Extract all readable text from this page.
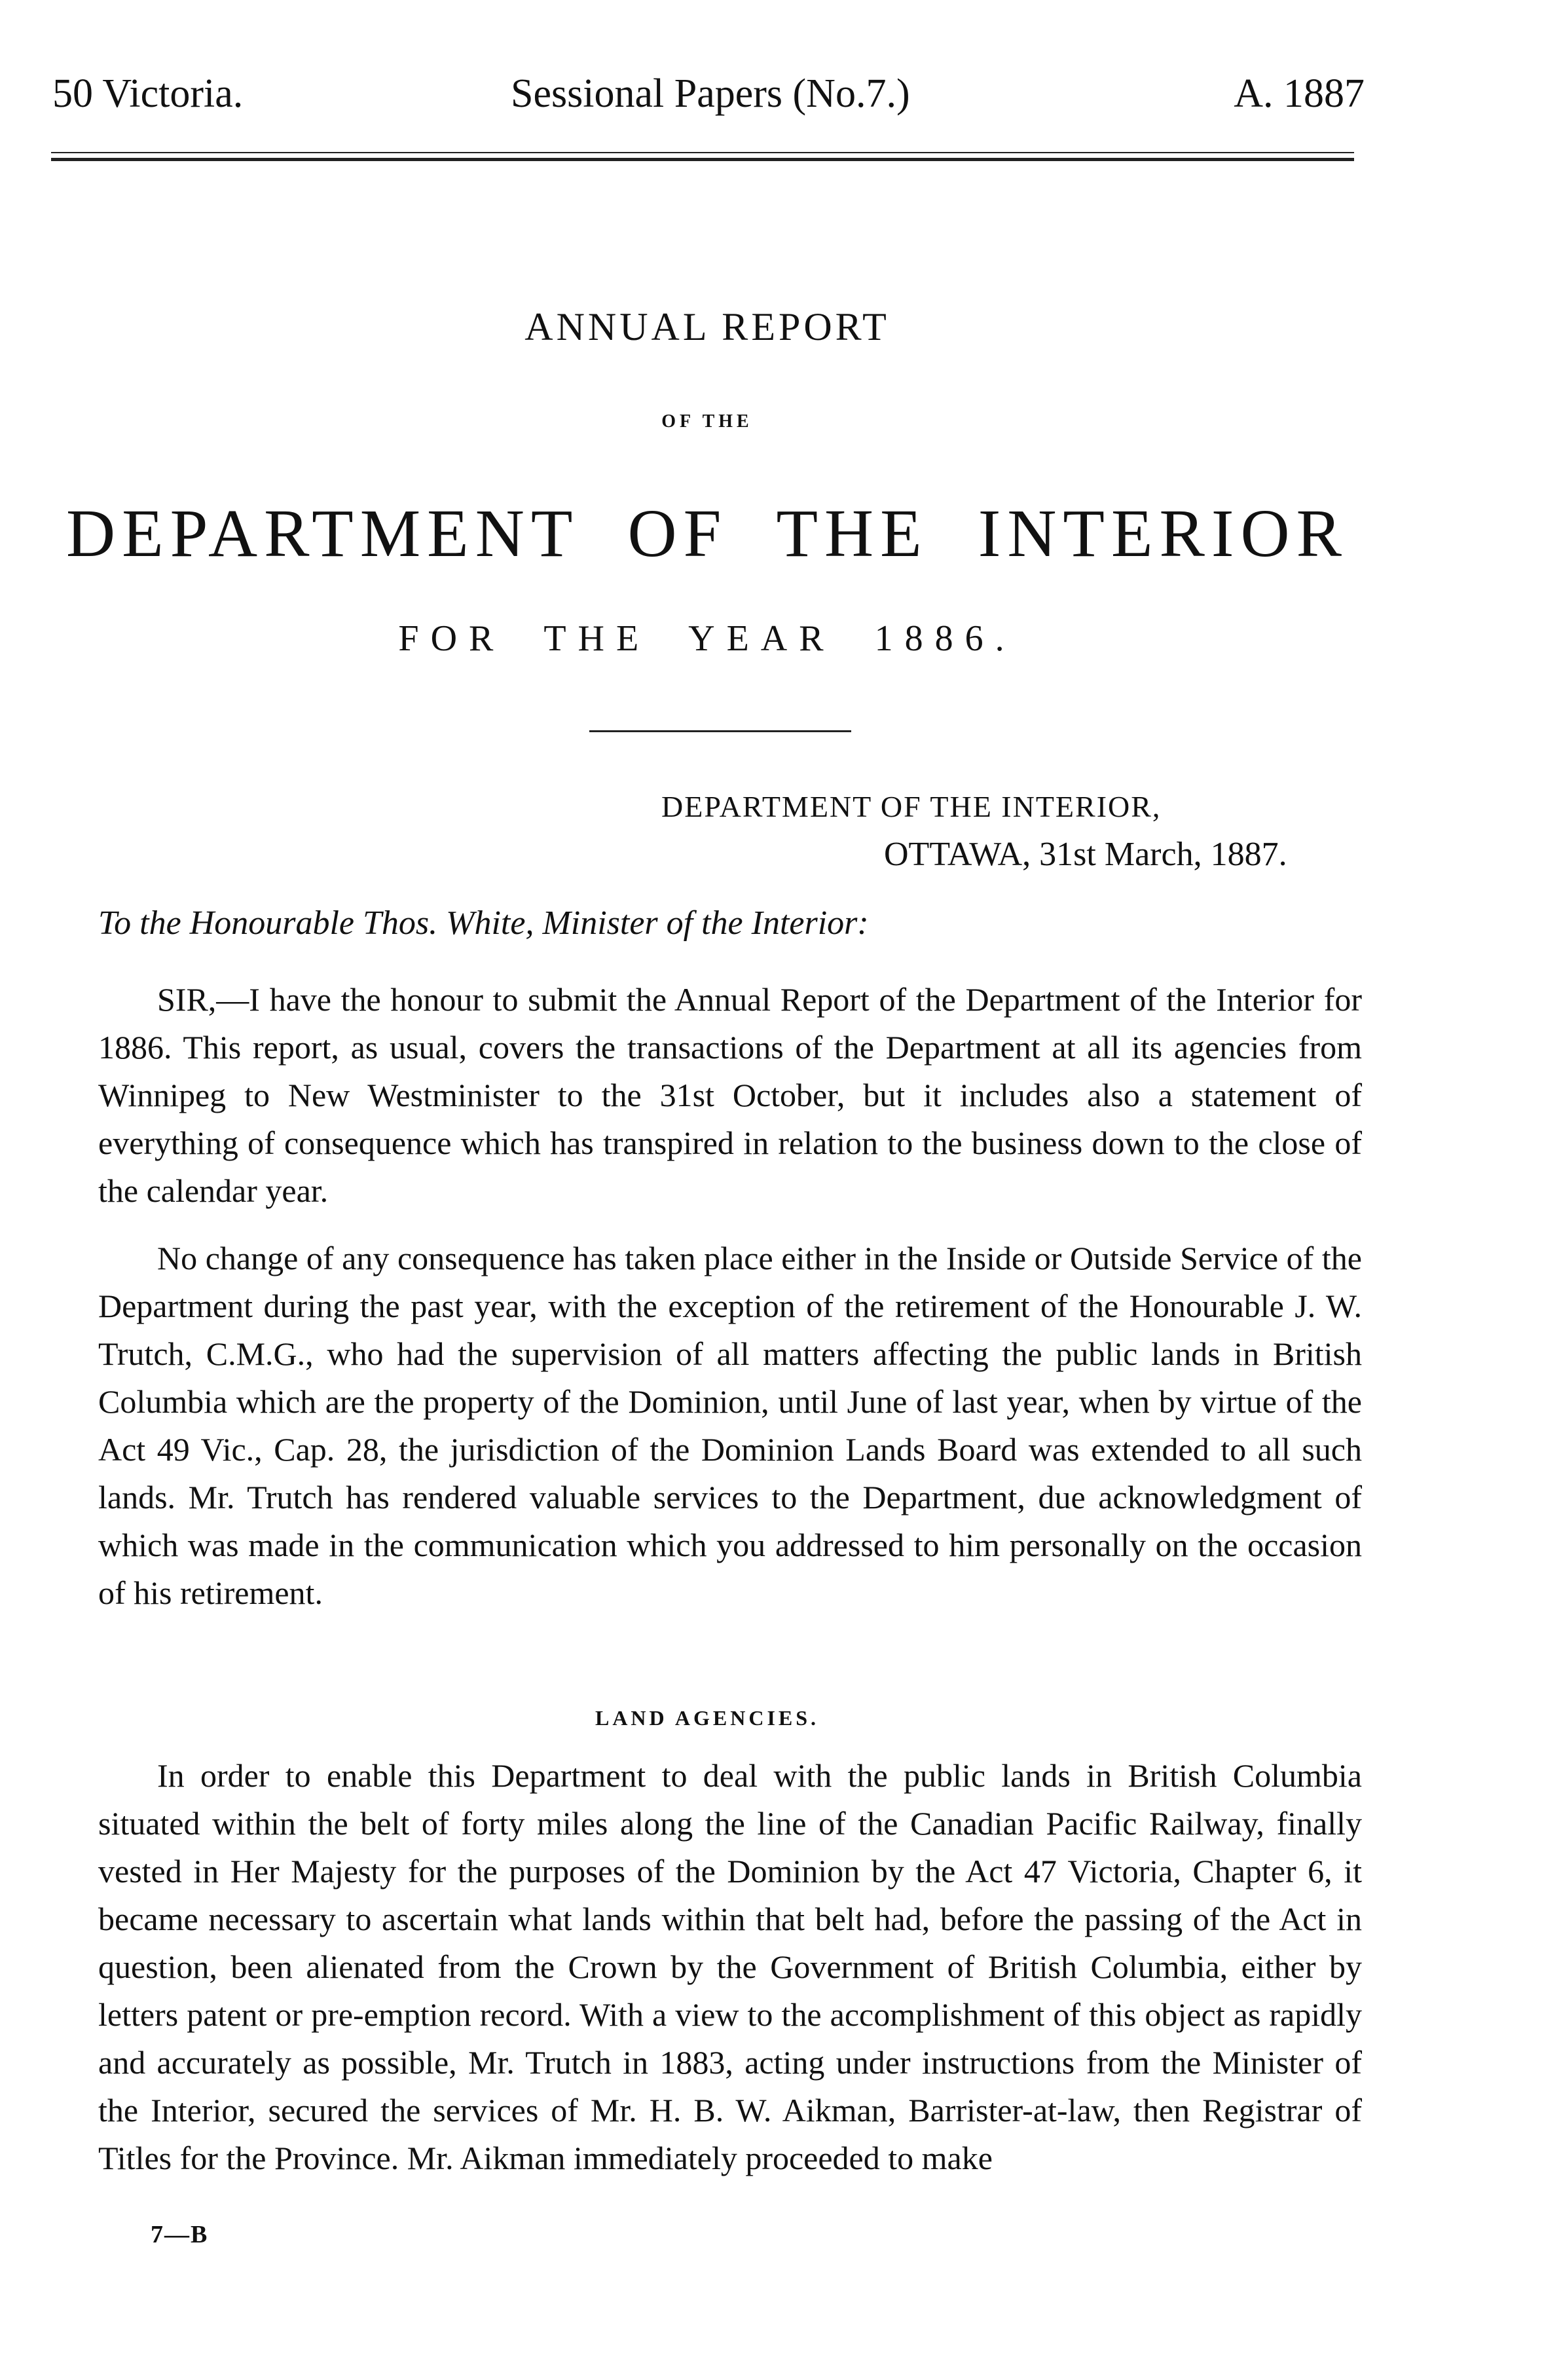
50 Victoria.	Sessional Papers (No.7.)	A. 1887
ANNUAL REPORT
OF THE
DEPARTMENT OF THE INTERIOR
FOR THE YEAR 1886.
DEPARTMENT OF THE INTERIOR,
OTTAWA, 31st March, 1887.
To the Honourable Thos. White, Minister of the Interior:

SIR,—I have the honour to submit the Annual Report of the Department of the Interior for 1886. This report, as usual, covers the transactions of the Department at all its agencies from Winnipeg to New Westminister to the 31st October, but it includes also a statement of everything of consequence which has transpired in relation to the business down to the close of the calendar year.

No change of any consequence has taken place either in the Inside or Outside Service of the Department during the past year, with the exception of the retirement of the Honourable J. W. Trutch, C.M.G., who had the supervision of all matters affecting the public lands in British Columbia which are the property of the Dominion, until June of last year, when by virtue of the Act 49 Vic., Cap. 28, the jurisdiction of the Dominion Lands Board was extended to all such lands. Mr. Trutch has rendered valuable services to the Department, due acknowledgment of which was made in the communication which you addressed to him personally on the occasion of his retirement.

LAND AGENCIES.

In order to enable this Department to deal with the public lands in British Columbia situated within the belt of forty miles along the line of the Canadian Pacific Railway, finally vested in Her Majesty for the purposes of the Dominion by the Act 47 Victoria, Chapter 6, it became necessary to ascertain what lands within that belt had, before the passing of the Act in question, been alienated from the Crown by the Government of British Columbia, either by letters patent or pre-emption record. With a view to the accomplishment of this object as rapidly and accurately as possible, Mr. Trutch in 1883, acting under instructions from the Minister of the Interior, secured the services of Mr. H. B. W. Aikman, Barrister-at-law, then Registrar of Titles for the Province. Mr. Aikman immediately proceeded to make

7—B
